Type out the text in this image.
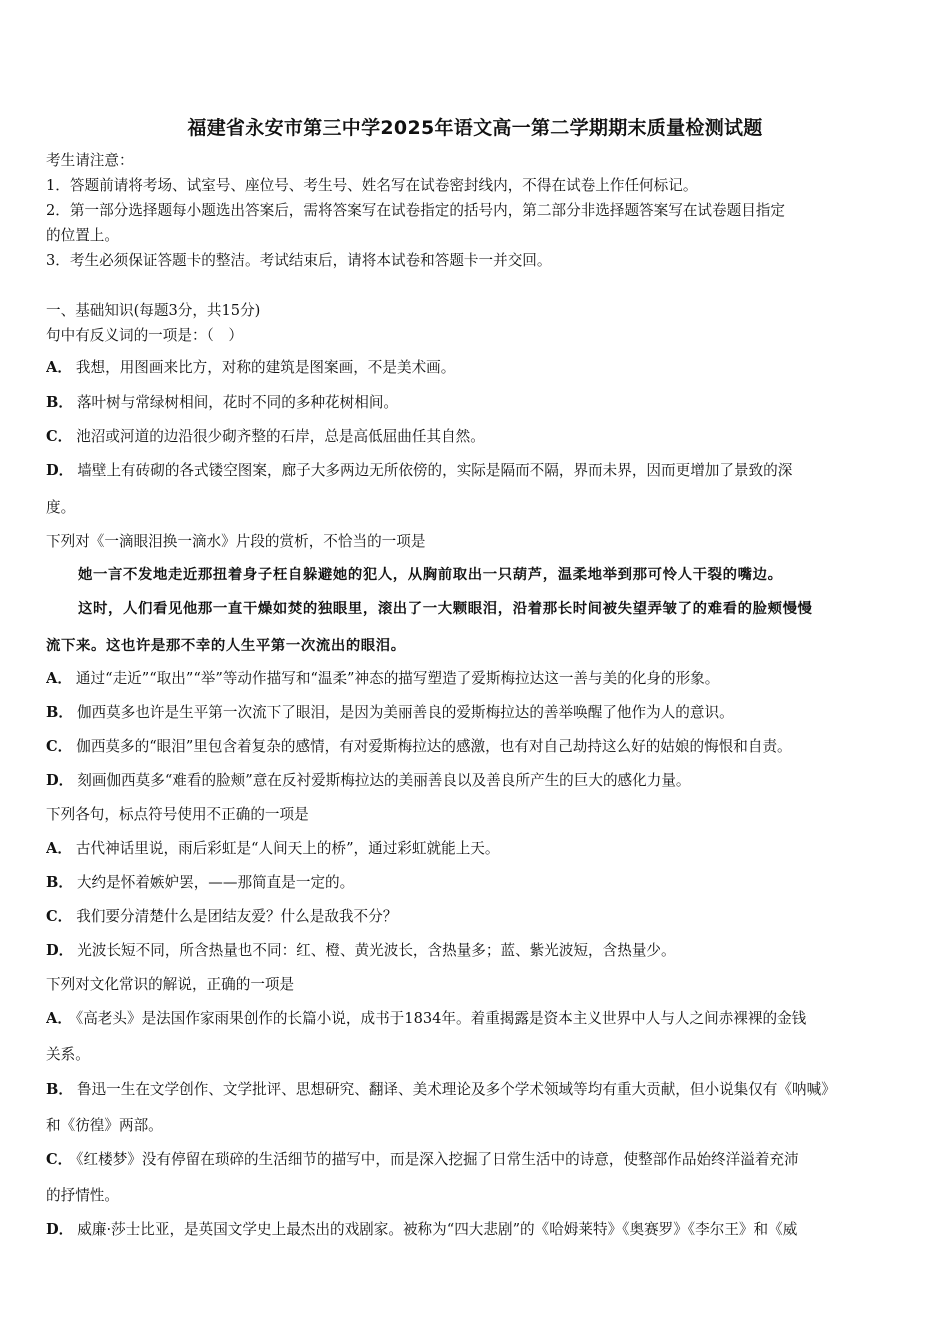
福建省永安市第三中学2025年语文高一第二学期期末质量检测试题
考生请注意：
1．答题前请将考场、试室号、座位号、考生号、姓名写在试卷密封线内，不得在试卷上作任何标记。
2．第一部分选择题每小题选出答案后，需将答案写在试卷指定的括号内，第二部分非选择题答案写在试卷题目指定
的位置上。
3．考生必须保证答题卡的整洁。考试结束后，请将本试卷和答题卡一并交回。
一、基础知识(每题3分，共15分)
句中有反义词的一项是：（　）
A． 我想，用图画来比方，对称的建筑是图案画，不是美术画。
B． 落叶树与常绿树相间，花时不同的多种花树相间。
C． 池沼或河道的边沿很少砌齐整的石岸，总是高低屈曲任其自然。
D． 墙壁上有砖砌的各式镂空图案，廊子大多两边无所依傍的，实际是隔而不隔，界而未界，因而更增加了景致的深
度。
下列对《一滴眼泪换一滴水》片段的赏析，不恰当的一项是
她一言不发地走近那扭着身子枉自躲避她的犯人，从胸前取出一只葫芦，温柔地举到那可怜人干裂的嘴边。
这时，人们看见他那一直干燥如焚的独眼里，滚出了一大颗眼泪，沿着那长时间被失望弄皱了的难看的脸颊慢慢
流下来。这也许是那不幸的人生平第一次流出的眼泪。
A． 通过“走近”“取出”“举”等动作描写和“温柔”神态的描写塑造了爱斯梅拉达这一善与美的化身的形象。
B． 伽西莫多也许是生平第一次流下了眼泪，是因为美丽善良的爱斯梅拉达的善举唤醒了他作为人的意识。
C． 伽西莫多的“眼泪”里包含着复杂的感情，有对爱斯梅拉达的感激，也有对自己劫持这么好的姑娘的悔恨和自责。
D． 刻画伽西莫多“难看的脸颊”意在反衬爱斯梅拉达的美丽善良以及善良所产生的巨大的感化力量。
下列各句，标点符号使用不正确的一项是
A． 古代神话里说，雨后彩虹是“人间天上的桥”，通过彩虹就能上天。
B． 大约是怀着嫉妒罢，——那简直是一定的。
C． 我们要分清楚什么是团结友爱？什么是敌我不分？
D． 光波长短不同，所含热量也不同：红、橙、黄光波长，含热量多；蓝、紫光波短，含热量少。
下列对文化常识的解说，正确的一项是
A． 《高老头》是法国作家雨果创作的长篇小说，成书于1834年。着重揭露是资本主义世界中人与人之间赤裸裸的金钱
关系。
B． 鲁迅一生在文学创作、文学批评、思想研究、翻译、美术理论及多个学术领域等均有重大贡献，但小说集仅有《呐喊》
和《彷徨》两部。
C． 《红楼梦》没有停留在琐碎的生活细节的描写中，而是深入挖掘了日常生活中的诗意，使整部作品始终洋溢着充沛
的抒情性。
D． 威廉·莎士比亚，是英国文学史上最杰出的戏剧家。被称为“四大悲剧”的《哈姆莱特》《奥赛罗》《李尔王》和《威
